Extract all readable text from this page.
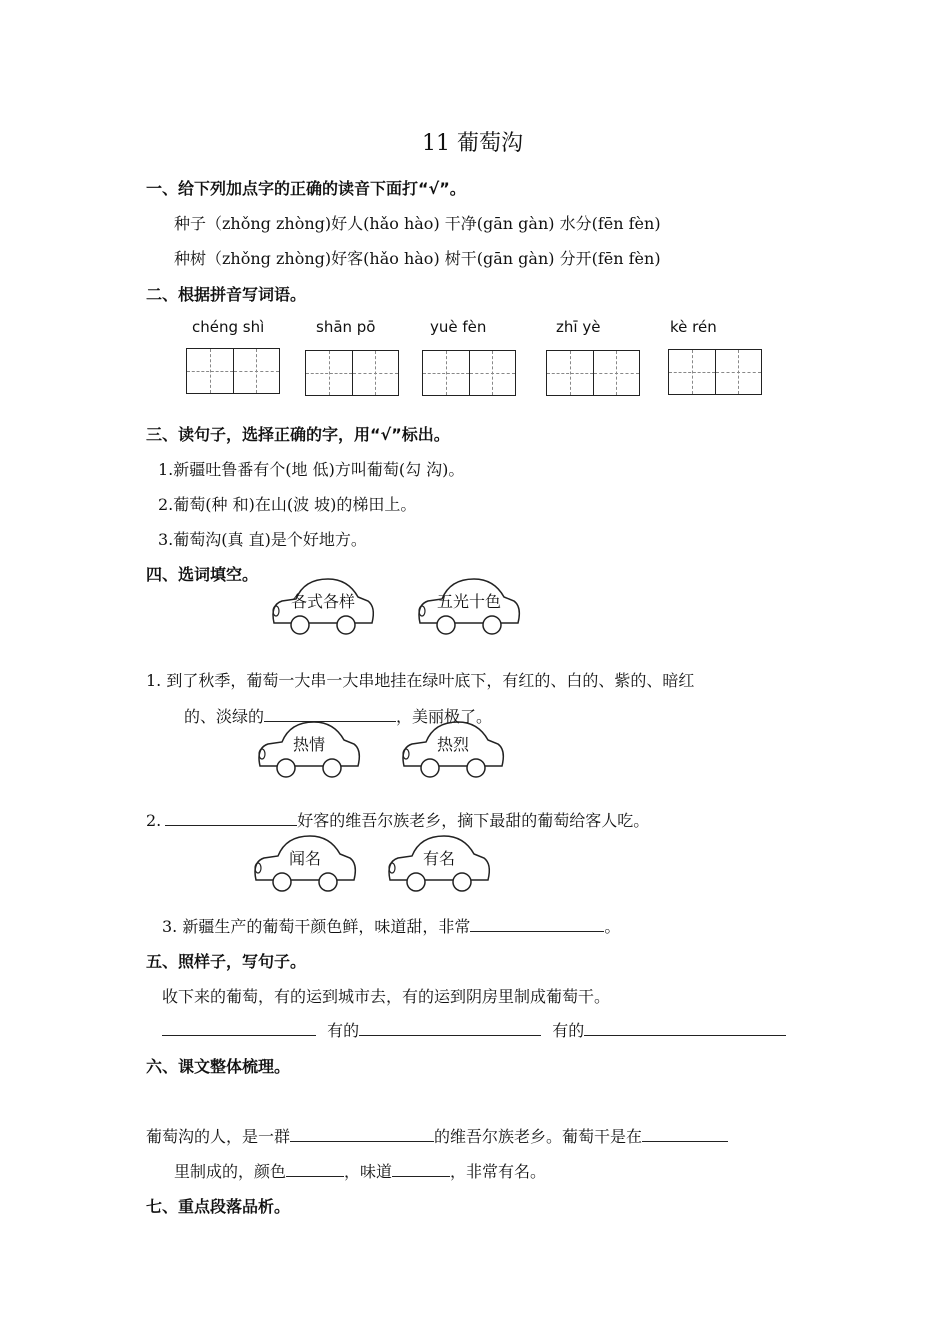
11 葡萄沟
一、给下列加点字的正确的读音下面打“√”。
种子（zhǒng zhòng)好人(hǎo hào) 干净(gān gàn) 水分(fēn fèn)
种树（zhǒng zhòng)好客(hǎo hào) 树干(gān gàn) 分开(fēn fèn)
二、根据拼音写词语。
chéng shì	shān pō	yuè fèn	zhī yè	kè rén
三、读句子，选择正确的字，用“√”标出。
1.新疆吐鲁番有个(地 低)方叫葡萄(勾 沟)。
2.葡萄(种 和)在山(波 坡)的梯田上。
3.葡萄沟(真 直)是个好地方。
四、选词填空。
各式各样	五光十色
1. 到了秋季，葡萄一大串一大串地挂在绿叶底下，有红的、白的、紫的、暗红
的、淡绿的	，美丽极了。
热情	热烈
2.	好客的维吾尔族老乡，摘下最甜的葡萄给客人吃。
闻名	有名
3. 新疆生产的葡萄干颜色鲜，味道甜，非常	。
五、照样子，写句子。
收下来的葡萄，有的运到城市去，有的运到阴房里制成葡萄干。
有的	有的
六、课文整体梳理。
葡萄沟的人，是一群	的维吾尔族老乡。葡萄干是在
里制成的，颜色	，味道	，非常有名。
七、重点段落品析。
